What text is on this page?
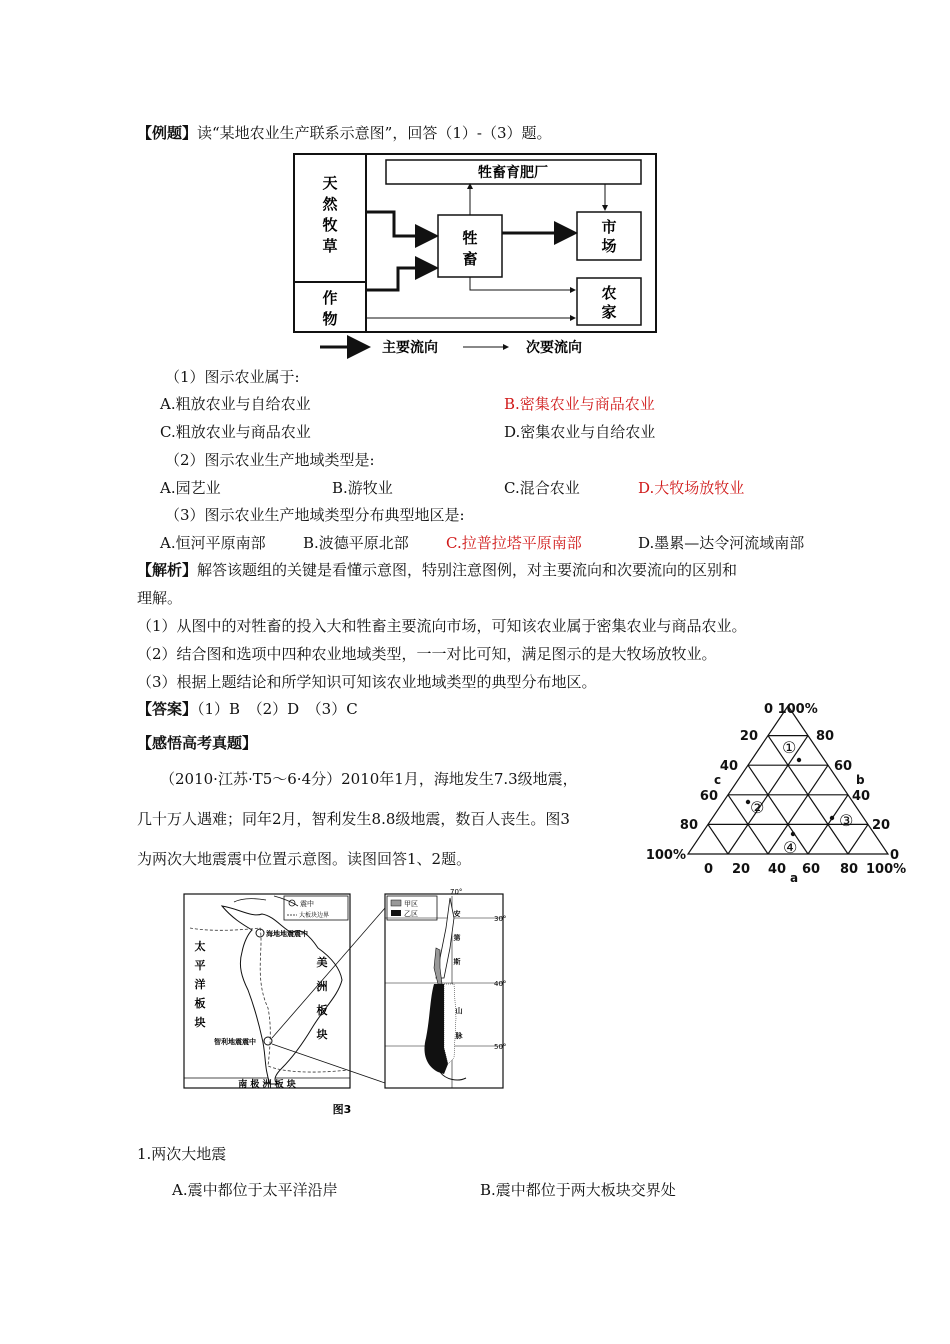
【例题】读“某地农业生产联系示意图”，回答（1）-（3）题。
牲畜育肥厂
天
然
牧
草
作
物
牲
畜
市
场
农
家
主要流向	次要流向
（1）图示农业属于:
A.粗放农业与自给农业	B.密集农业与商品农业
C.粗放农业与商品农业	D.密集农业与自给农业
（2）图示农业生产地域类型是:
A.园艺业	B.游牧业	C.混合农业	D.大牧场放牧业
（3）图示农业生产地域类型分布典型地区是:
A.恒河平原南部 B.波德平原北部 C.拉普拉塔平原南部	D.墨累—达令河流域南部
【解析】解答该题组的关键是看懂示意图，特别注意图例，对主要流向和次要流向的区别和
理解。
（1）从图中的对牲畜的投入大和牲畜主要流向市场，可知该农业属于密集农业与商品农业。
（2）结合图和选项中四种农业地域类型，一一对比可知，满足图示的是大牧场放牧业。
（3）根据上题结论和所学知识可知该农业地域类型的典型分布地区。
【答案】（1）B　（2）D　（3）C
【感悟高考真题】
（2010·江苏·T5～6·4分）2010年1月，海地发生7.3级地震，
几十万人遇难；同年2月，智利发生8.8级地震，数百人丧生。图3
为两次大地震震中位置示意图。读图回答1、2题。
0 100%
20
40
60
80
100%
80
60
40
20
0
0 20 40 60 80 100%
a
b
c
①
②
③
④
震中
大板块边界
海地地震震中
智利地震震中
太
平
洋
板
块
美
洲
板
块
南 极 洲 板 块
甲区
乙区
70°
30°
40°
50°
安
第
斯
山
脉
图3
1.两次大地震
A.震中都位于太平洋沿岸	B.震中都位于两大板块交界处
